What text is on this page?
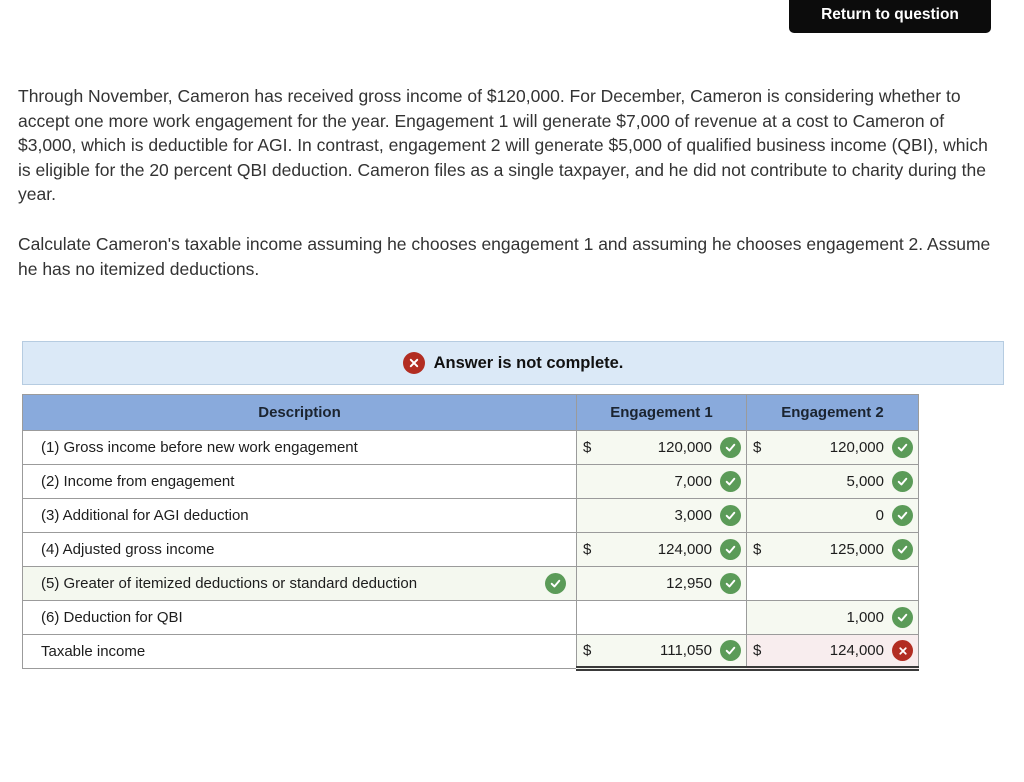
Return to question

Through November, Cameron has received gross income of $120,000. For December, Cameron is considering whether to accept one more work engagement for the year. Engagement 1 will generate $7,000 of revenue at a cost to Cameron of $3,000, which is deductible for AGI. In contrast, engagement 2 will generate $5,000 of qualified business income (QBI), which is eligible for the 20 percent QBI deduction. Cameron files as a single taxpayer, and he did not contribute to charity during the year.

Calculate Cameron's taxable income assuming he chooses engagement 1 and assuming he chooses engagement 2. Assume he has no itemized deductions.

Answer is not complete.
Description	Engagement 1	Engagement 2
(1) Gross income before new work engagement	$ 120,000	$ 120,000

(2) Income from engagement	7,000	5,000

(3) Additional for AGI deduction	3,000	0

(4) Adjusted gross income	$ 124,000	$ 125,000

(5) Greater of itemized deductions or standard deduction	12,950	

(6) Deduction for QBI		1,000

Taxable income	$ 111,050	$ 124,000
